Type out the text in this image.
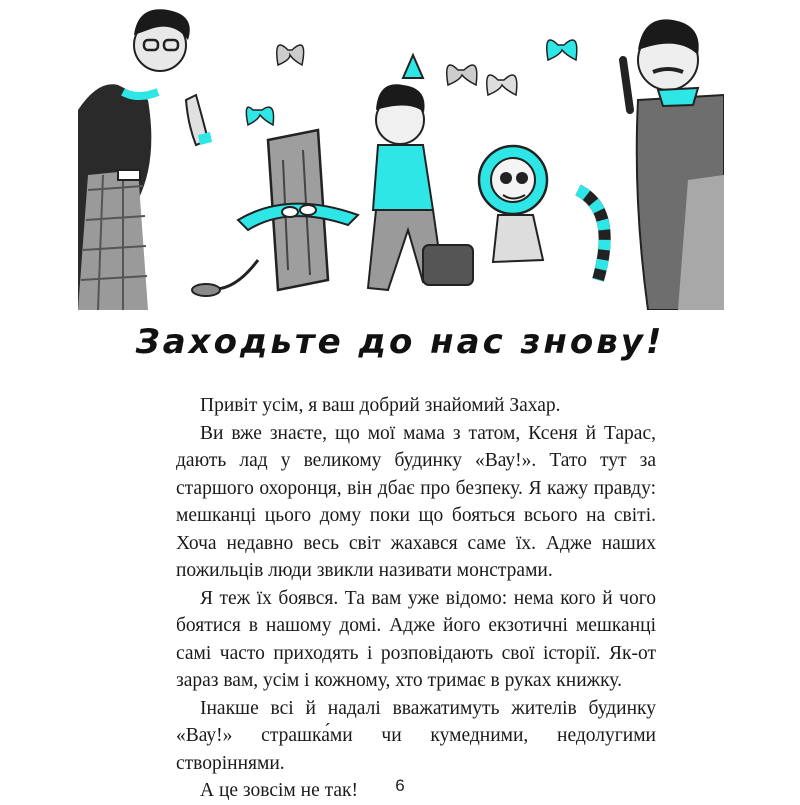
Заходьте до нас знову!

Привіт усім, я ваш добрий знайомий Захар.

Ви вже знаєте, що мої мама з татом, Ксеня й Тарас, дають лад у великому будинку «Вау!». Тато тут за старшого охоронця, він дбає про безпеку. Я кажу правду: мешканці цього дому поки що бояться всього на світі. Хоча недавно весь світ жахався саме їх. Адже наших пожильців люди звикли називати монстрами.

Я теж їх боявся. Та вам уже відомо: нема кого й чого боятися в нашому домі. Адже його екзотичні мешканці самі часто приходять і розповідають свої історії. Як-от зараз вам, усім і кожному, хто тримає в руках книжку.

Інакше всі й надалі вважатимуть жителів будинку «Вау!» страшка́ми чи кумедними, недолугими створіннями.

А це зовсім не так!	6
